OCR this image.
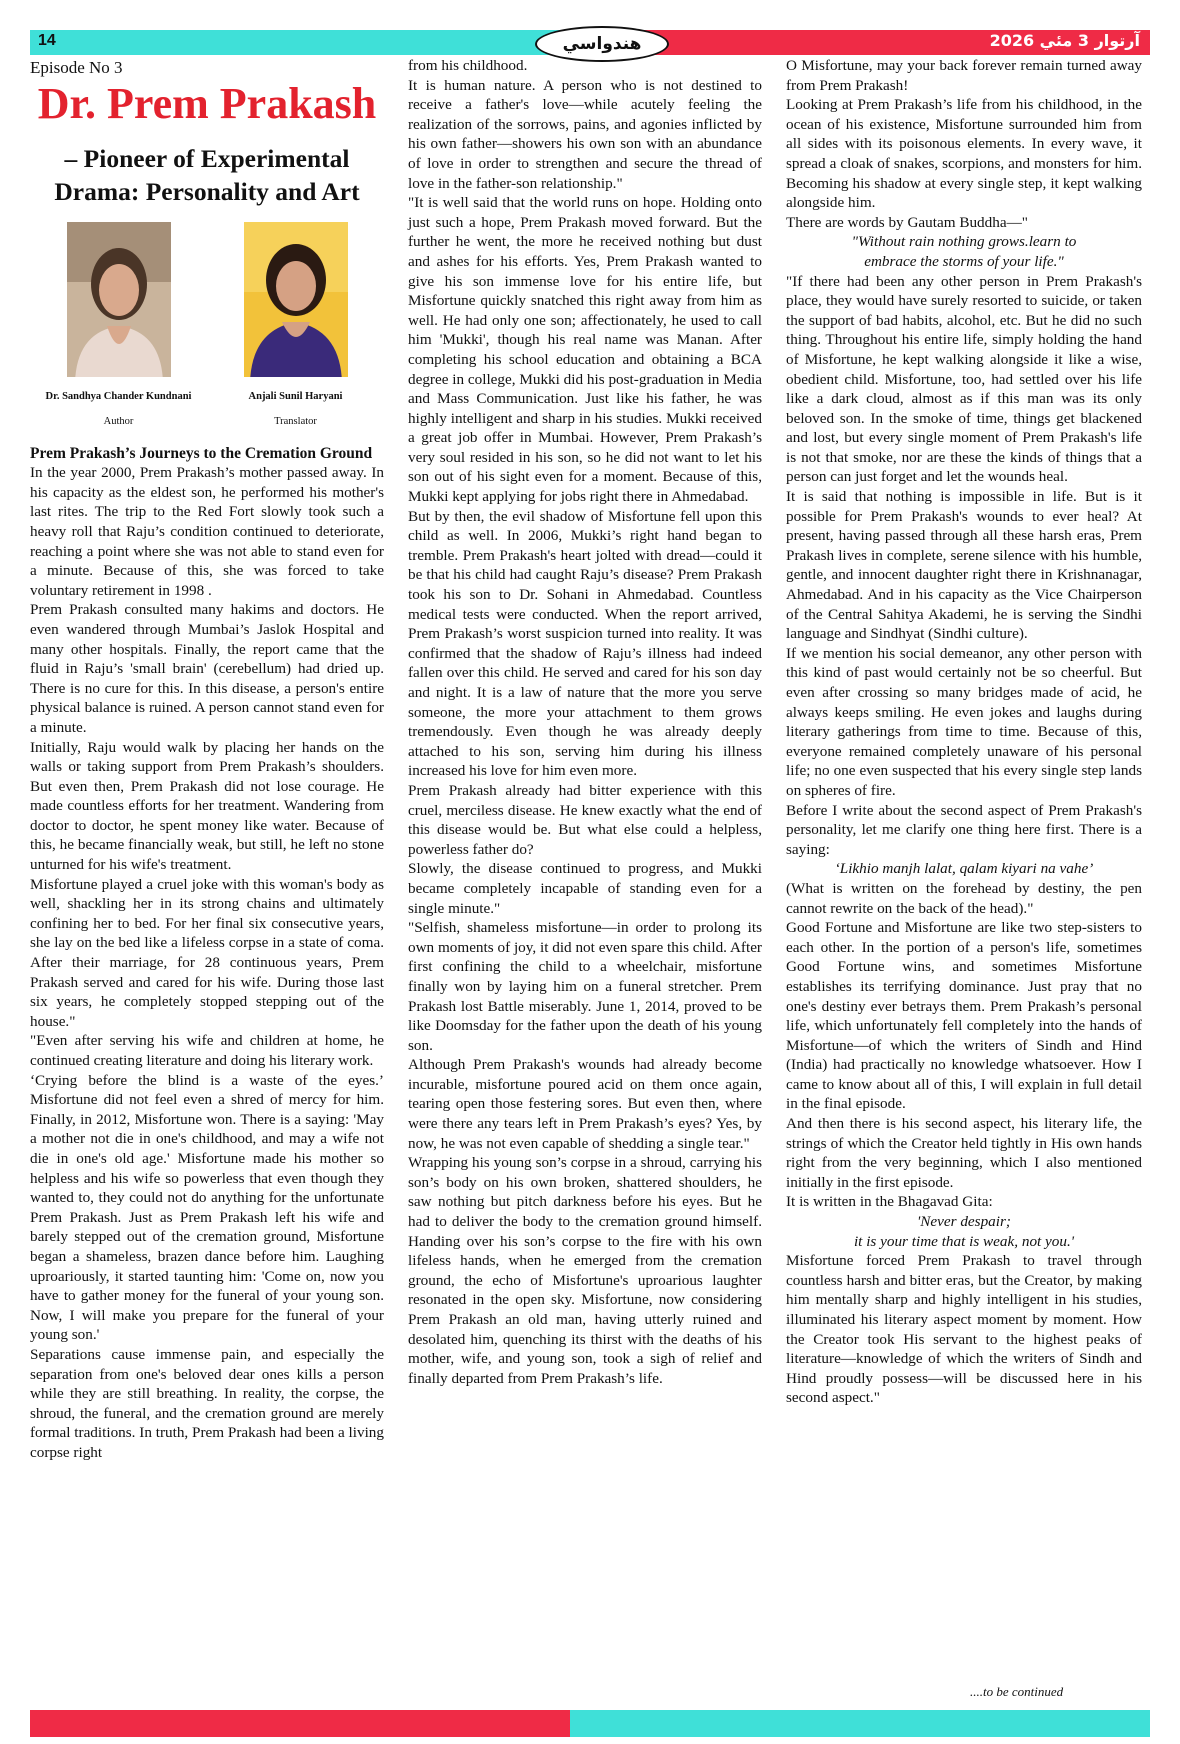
14	هندواسي	آرتوار 3 مئي 2026
Episode No 3
Dr. Prem Prakash
– Pioneer of Experimental Drama: Personality and Art
Dr. Sandhya Chander Kundnani
Author
Anjali Sunil Haryani
Translator
Prem Prakash’s Journeys to the Cremation Ground

In the year 2000, Prem Prakash’s mother passed away. In his capacity as the eldest son, he performed his mother's last rites. The trip to the Red Fort slowly took such a heavy roll that Raju’s condition continued to deteriorate, reaching a point where she was not able to stand even for a minute. Because of this, she was forced to take voluntary retirement in 1998 .

Prem Prakash consulted many hakims and doctors. He even wandered through Mumbai’s Jaslok Hospital and many other hospitals. Finally, the report came that the fluid in Raju’s 'small brain' (cerebellum) had dried up. There is no cure for this. In this disease, a person's entire physical balance is ruined. A person cannot stand even for a minute.

Initially, Raju would walk by placing her hands on the walls or taking support from Prem Prakash’s shoulders. But even then, Prem Prakash did not lose courage. He made countless efforts for her treatment. Wandering from doctor to doctor, he spent money like water. Because of this, he became financially weak, but still, he left no stone unturned for his wife's treatment.

Misfortune played a cruel joke with this woman's body as well, shackling her in its strong chains and ultimately confining her to bed. For her final six consecutive years, she lay on the bed like a lifeless corpse in a state of coma. After their marriage, for 28 continuous years, Prem Prakash served and cared for his wife. During those last six years, he completely stopped stepping out of the house."

"Even after serving his wife and children at home, he continued creating literature and doing his literary work.

‘Crying before the blind is a waste of the eyes.’ Misfortune did not feel even a shred of mercy for him. Finally, in 2012, Misfortune won. There is a saying: 'May a mother not die in one's childhood, and may a wife not die in one's old age.' Misfortune made his mother so helpless and his wife so powerless that even though they wanted to, they could not do anything for the unfortunate Prem Prakash. Just as Prem Prakash left his wife and barely stepped out of the cremation ground, Misfortune began a shameless, brazen dance before him. Laughing uproariously, it started taunting him: 'Come on, now you have to gather money for the funeral of your young son. Now, I will make you prepare for the funeral of your young son.'

Separations cause immense pain, and especially the separation from one's beloved dear ones kills a person while they are still breathing. In reality, the corpse, the shroud, the funeral, and the cremation ground are merely formal traditions. In truth, Prem Prakash had been a living corpse right

from his childhood.

It is human nature. A person who is not destined to receive a father's love—while acutely feeling the realization of the sorrows, pains, and agonies inflicted by his own father—showers his own son with an abundance of love in order to strengthen and secure the thread of love in the father-son relationship."

"It is well said that the world runs on hope. Holding onto just such a hope, Prem Prakash moved forward. But the further he went, the more he received nothing but dust and ashes for his efforts. Yes, Prem Prakash wanted to give his son immense love for his entire life, but Misfortune quickly snatched this right away from him as well. He had only one son; affectionately, he used to call him 'Mukki', though his real name was Manan. After completing his school education and obtaining a BCA degree in college, Mukki did his post-graduation in Media and Mass Communication. Just like his father, he was highly intelligent and sharp in his studies. Mukki received a great job offer in Mumbai. However, Prem Prakash’s very soul resided in his son, so he did not want to let his son out of his sight even for a moment. Because of this, Mukki kept applying for jobs right there in Ahmedabad.

But by then, the evil shadow of Misfortune fell upon this child as well. In 2006, Mukki’s right hand began to tremble. Prem Prakash's heart jolted with dread—could it be that his child had caught Raju’s disease? Prem Prakash took his son to Dr. Sohani in Ahmedabad. Countless medical tests were conducted. When the report arrived, Prem Prakash’s worst suspicion turned into reality. It was confirmed that the shadow of Raju’s illness had indeed fallen over this child. He served and cared for his son day and night. It is a law of nature that the more you serve someone, the more your attachment to them grows tremendously. Even though he was already deeply attached to his son, serving him during his illness increased his love for him even more.

Prem Prakash already had bitter experience with this cruel, merciless disease. He knew exactly what the end of this disease would be. But what else could a helpless, powerless father do?

Slowly, the disease continued to progress, and Mukki became completely incapable of standing even for a single minute."

"Selfish, shameless misfortune—in order to prolong its own moments of joy, it did not even spare this child. After first confining the child to a wheelchair, misfortune finally won by laying him on a funeral stretcher. Prem Prakash lost Battle miserably. June 1, 2014, proved to be like Doomsday for the father upon the death of his young son.

Although Prem Prakash's wounds had already become incurable, misfortune poured acid on them once again, tearing open those festering sores. But even then, where were there any tears left in Prem Prakash’s eyes? Yes, by now, he was not even capable of shedding a single tear."

Wrapping his young son’s corpse in a shroud, carrying his son’s body on his own broken, shattered shoulders, he saw nothing but pitch darkness before his eyes. But he had to deliver the body to the cremation ground himself. Handing over his son’s corpse to the fire with his own lifeless hands, when he emerged from the cremation ground, the echo of Misfortune's uproarious laughter resonated in the open sky. Misfortune, now considering Prem Prakash an old man, having utterly ruined and desolated him, quenching its thirst with the deaths of his mother, wife, and young son, took a sigh of relief and finally departed from Prem Prakash’s life.

O Misfortune, may your back forever remain turned away from Prem Prakash!

Looking at Prem Prakash’s life from his childhood, in the ocean of his existence, Misfortune surrounded him from all sides with its poisonous elements. In every wave, it spread a cloak of snakes, scorpions, and monsters for him. Becoming his shadow at every single step, it kept walking alongside him.

There are words by Gautam Buddha—"

"Without rain nothing grows.learn to

embrace the storms of your life."

"If there had been any other person in Prem Prakash's place, they would have surely resorted to suicide, or taken the support of bad habits, alcohol, etc. But he did no such thing. Throughout his entire life, simply holding the hand of Misfortune, he kept walking alongside it like a wise, obedient child. Misfortune, too, had settled over his life like a dark cloud, almost as if this man was its only beloved son. In the smoke of time, things get blackened and lost, but every single moment of Prem Prakash's life is not that smoke, nor are these the kinds of things that a person can just forget and let the wounds heal.

It is said that nothing is impossible in life. But is it possible for Prem Prakash's wounds to ever heal? At present, having passed through all these harsh eras, Prem Prakash lives in complete, serene silence with his humble, gentle, and innocent daughter right there in Krishnanagar, Ahmedabad. And in his capacity as the Vice Chairperson of the Central Sahitya Akademi, he is serving the Sindhi language and Sindhyat (Sindhi culture).

If we mention his social demeanor, any other person with this kind of past would certainly not be so cheerful. But even after crossing so many bridges made of acid, he always keeps smiling. He even jokes and laughs during literary gatherings from time to time. Because of this, everyone remained completely unaware of his personal life; no one even suspected that his every single step lands on spheres of fire.

Before I write about the second aspect of Prem Prakash's personality, let me clarify one thing here first. There is a saying:

‘Likhio manjh lalat, qalam kiyari na vahe’

(What is written on the forehead by destiny, the pen cannot rewrite on the back of the head)."

Good Fortune and Misfortune are like two step-sisters to each other. In the portion of a person's life, sometimes Good Fortune wins, and sometimes Misfortune establishes its terrifying dominance. Just pray that no one's destiny ever betrays them. Prem Prakash’s personal life, which unfortunately fell completely into the hands of Misfortune—of which the writers of Sindh and Hind (India) had practically no knowledge whatsoever. How I came to know about all of this, I will explain in full detail in the final episode.

And then there is his second aspect, his literary life, the strings of which the Creator held tightly in His own hands right from the very beginning, which I also mentioned initially in the first episode.

It is written in the Bhagavad Gita:

'Never despair;

it is your time that is weak, not you.'

Misfortune forced Prem Prakash to travel through countless harsh and bitter eras, but the Creator, by making him mentally sharp and highly intelligent in his studies, illuminated his literary aspect moment by moment. How the Creator took His servant to the highest peaks of literature—knowledge of which the writers of Sindh and Hind proudly possess—will be discussed here in his second aspect."

....to be continued
